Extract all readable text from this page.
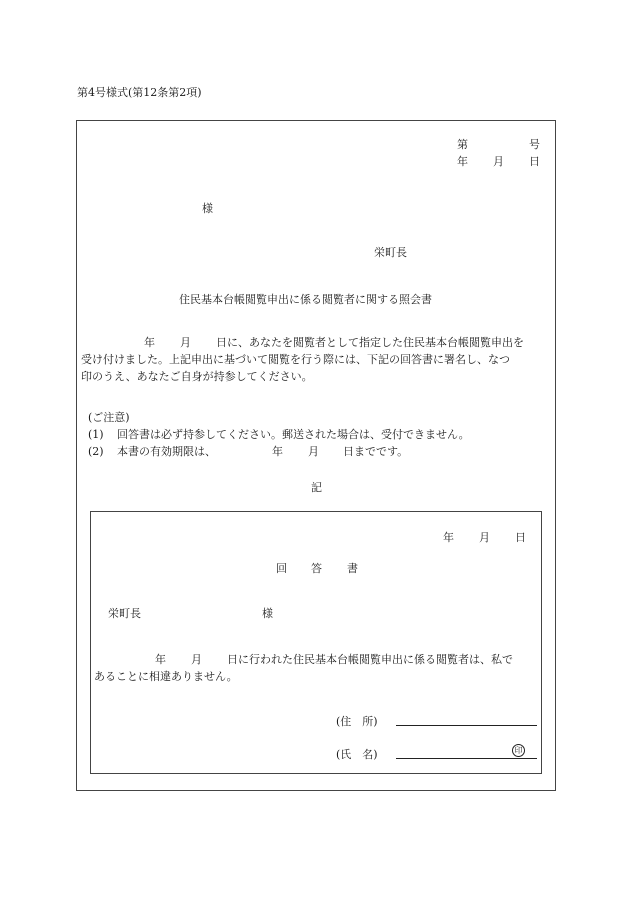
第4号様式(第12条第2項)
第	号
年 月 日
様
栄町長
住民基本台帳閲覧申出に係る閲覧者に関する照会書
年 月 日に、あなたを閲覧者として指定した住民基本台帳閲覧申出を

受け付けました。上記申出に基づいて閲覧を行う際には、下記の回答書に署名し、なつ
印のうえ、あなたご自身が持参してください。
(ご注意)
(1) 回答書は必ず持参してください。郵送された場合は、受付できません。
(2) 本書の有効期限は、	年 月 日までです。
記
年 月 日
回 答 書
栄町長	様
年 月 日に行われた住民基本台帳閲覧申出に係る閲覧者は、私で

あることに相違ありません。
(住　所)
(氏　名)	印
